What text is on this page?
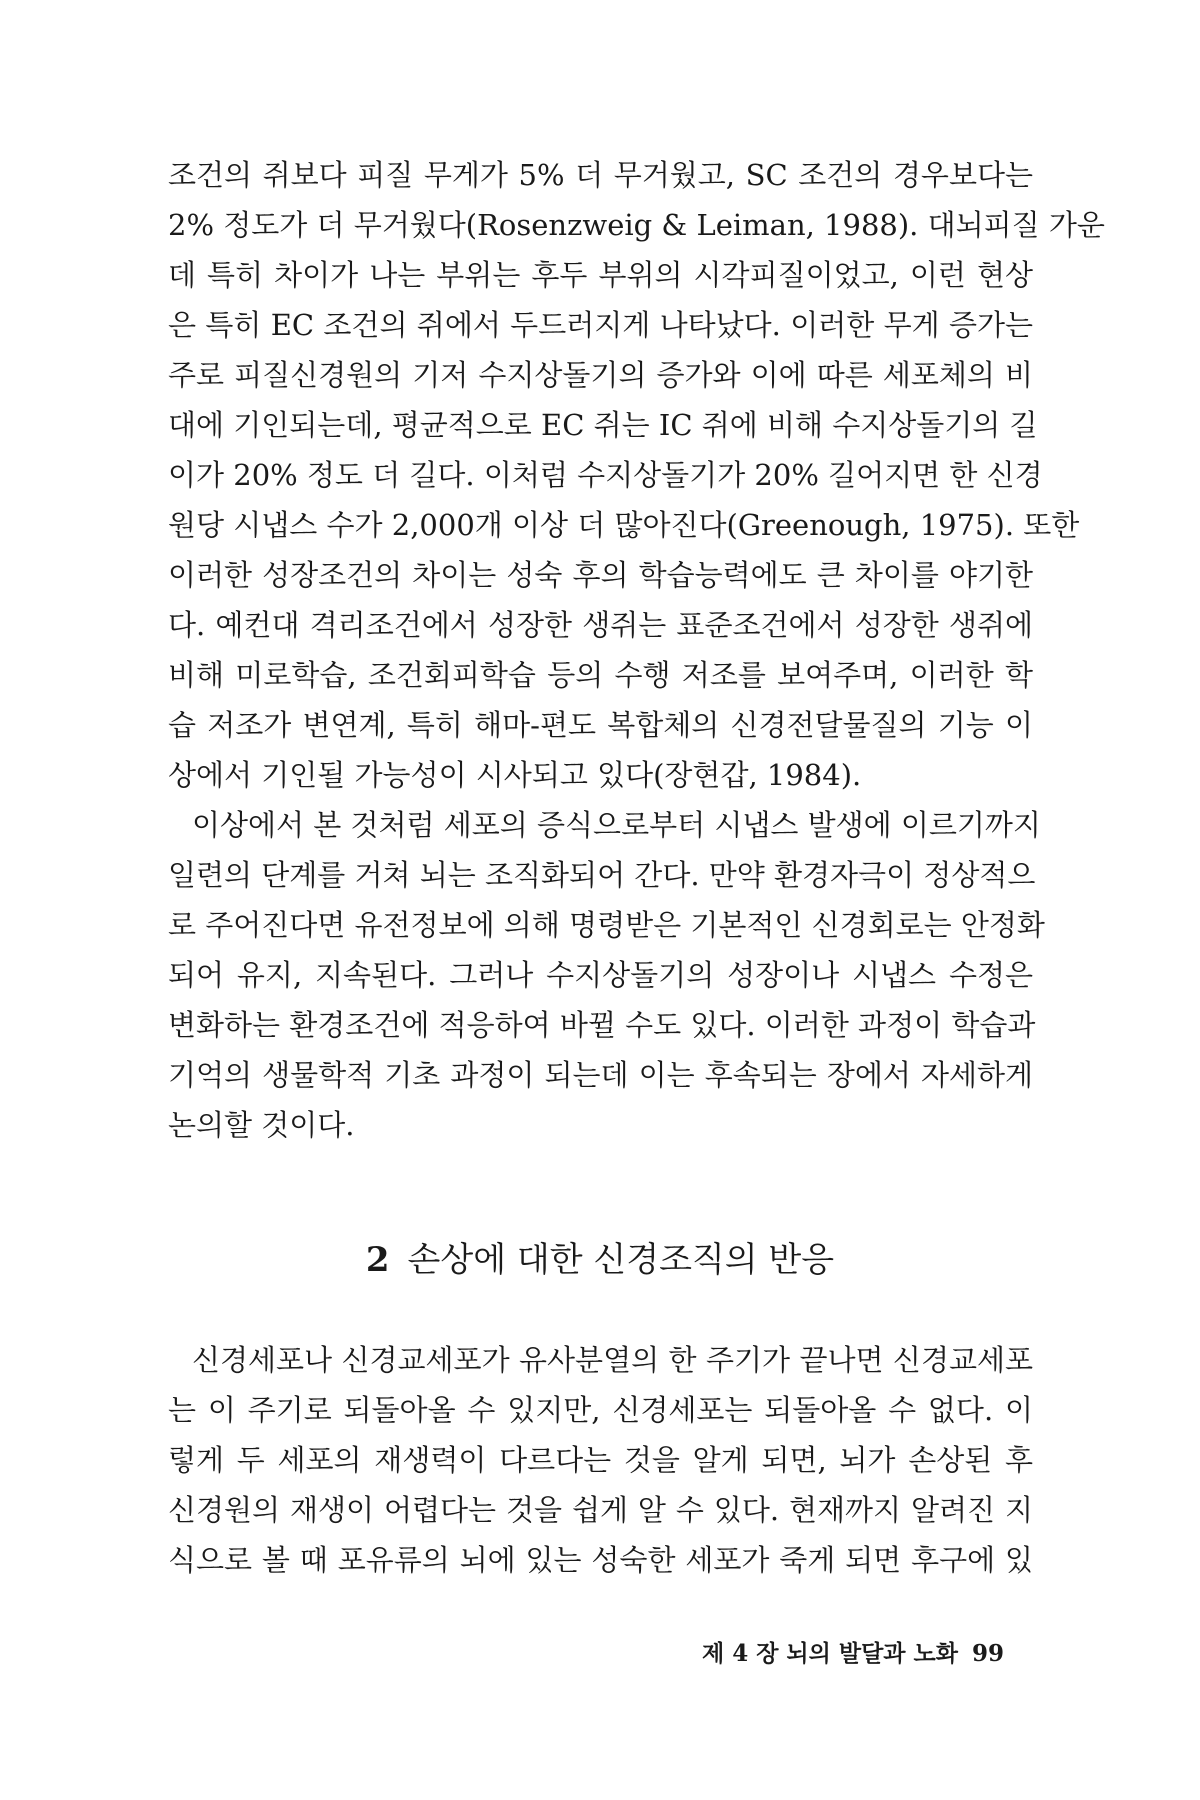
조건의 쥐보다 피질 무게가 5% 더 무거웠고, SC 조건의 경우보다는
2% 정도가 더 무거웠다(Rosenzweig & Leiman, 1988). 대뇌피질 가운
데 특히 차이가 나는 부위는 후두 부위의 시각피질이었고, 이런 현상
은 특히 EC 조건의 쥐에서 두드러지게 나타났다. 이러한 무게 증가는
주로 피질신경원의 기저 수지상돌기의 증가와 이에 따른 세포체의 비
대에 기인되는데, 평균적으로 EC 쥐는 IC 쥐에 비해 수지상돌기의 길
이가 20% 정도 더 길다. 이처럼 수지상돌기가 20% 길어지면 한 신경
원당 시냅스 수가 2,000개 이상 더 많아진다(Greenough, 1975). 또한
이러한 성장조건의 차이는 성숙 후의 학습능력에도 큰 차이를 야기한
다. 예컨대 격리조건에서 성장한 생쥐는 표준조건에서 성장한 생쥐에
비해 미로학습, 조건회피학습 등의 수행 저조를 보여주며, 이러한 학
습 저조가 변연계, 특히 해마-편도 복합체의 신경전달물질의 기능 이
상에서 기인될 가능성이 시사되고 있다(장현갑, 1984).
이상에서 본 것처럼 세포의 증식으로부터 시냅스 발생에 이르기까지
일련의 단계를 거쳐 뇌는 조직화되어 간다. 만약 환경자극이 정상적으
로 주어진다면 유전정보에 의해 명령받은 기본적인 신경회로는 안정화
되어 유지, 지속된다. 그러나 수지상돌기의 성장이나 시냅스 수정은
변화하는 환경조건에 적응하여 바뀔 수도 있다. 이러한 과정이 학습과
기억의 생물학적 기초 과정이 되는데 이는 후속되는 장에서 자세하게
논의할 것이다.
2 손상에 대한 신경조직의 반응
신경세포나 신경교세포가 유사분열의 한 주기가 끝나면 신경교세포
는 이 주기로 되돌아올 수 있지만, 신경세포는 되돌아올 수 없다. 이
렇게 두 세포의 재생력이 다르다는 것을 알게 되면, 뇌가 손상된 후
신경원의 재생이 어렵다는 것을 쉽게 알 수 있다. 현재까지 알려진 지
식으로 볼 때 포유류의 뇌에 있는 성숙한 세포가 죽게 되면 후구에 있
제 4 장 뇌의 발달과 노화 99
